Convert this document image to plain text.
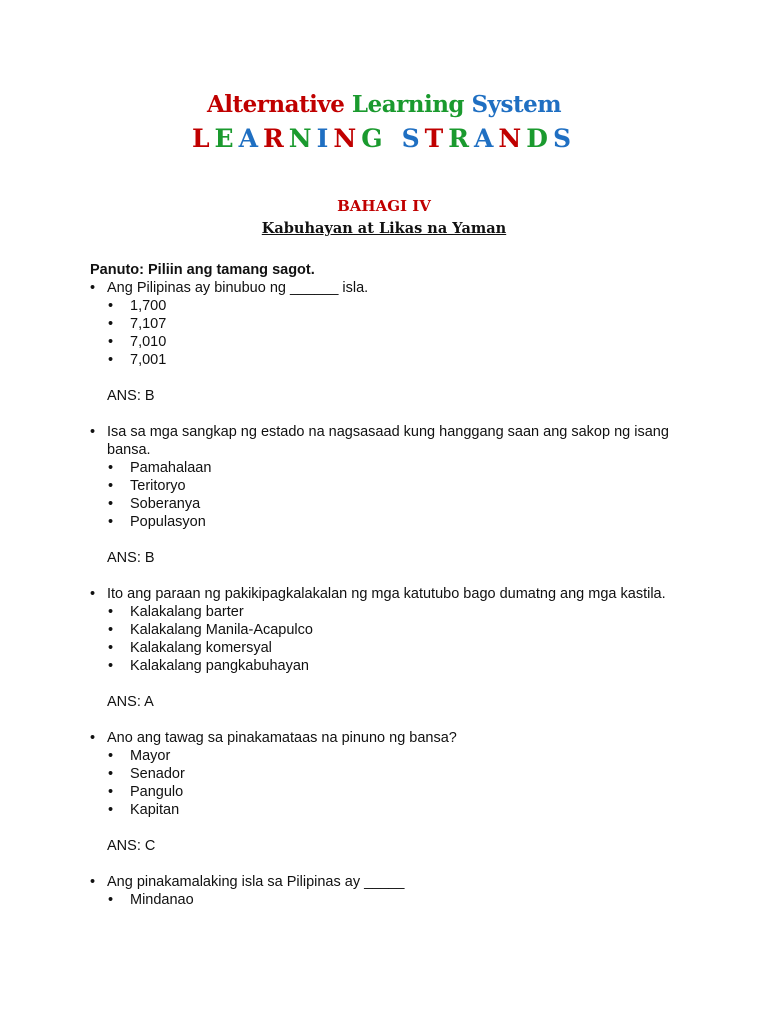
Alternative Learning System
LEARNING STRANDS
BAHAGI IV
Kabuhayan at Likas na Yaman
Panuto: Piliin ang tamang sagot.
• Ang Pilipinas ay binubuo ng ______ isla.
• 1,700
• 7,107
• 7,010
• 7,001
ANS: B
• Isa sa mga sangkap ng estado na nagsasaad kung hanggang saan ang sakop ng isang bansa.
• Pamahalaan
• Teritoryo
• Soberanya
• Populasyon
ANS: B
• Ito ang paraan ng pakikipagkalakalan ng mga katutubo bago dumatng ang mga kastila.
• Kalakalang barter
• Kalakalang Manila-Acapulco
• Kalakalang komersyal
• Kalakalang pangkabuhayan
ANS: A
• Ano ang tawag sa pinakamataas na pinuno ng bansa?
• Mayor
• Senador
• Pangulo
• Kapitan
ANS: C
• Ang pinakamalaking isla sa Pilipinas ay _____
• Mindanao
